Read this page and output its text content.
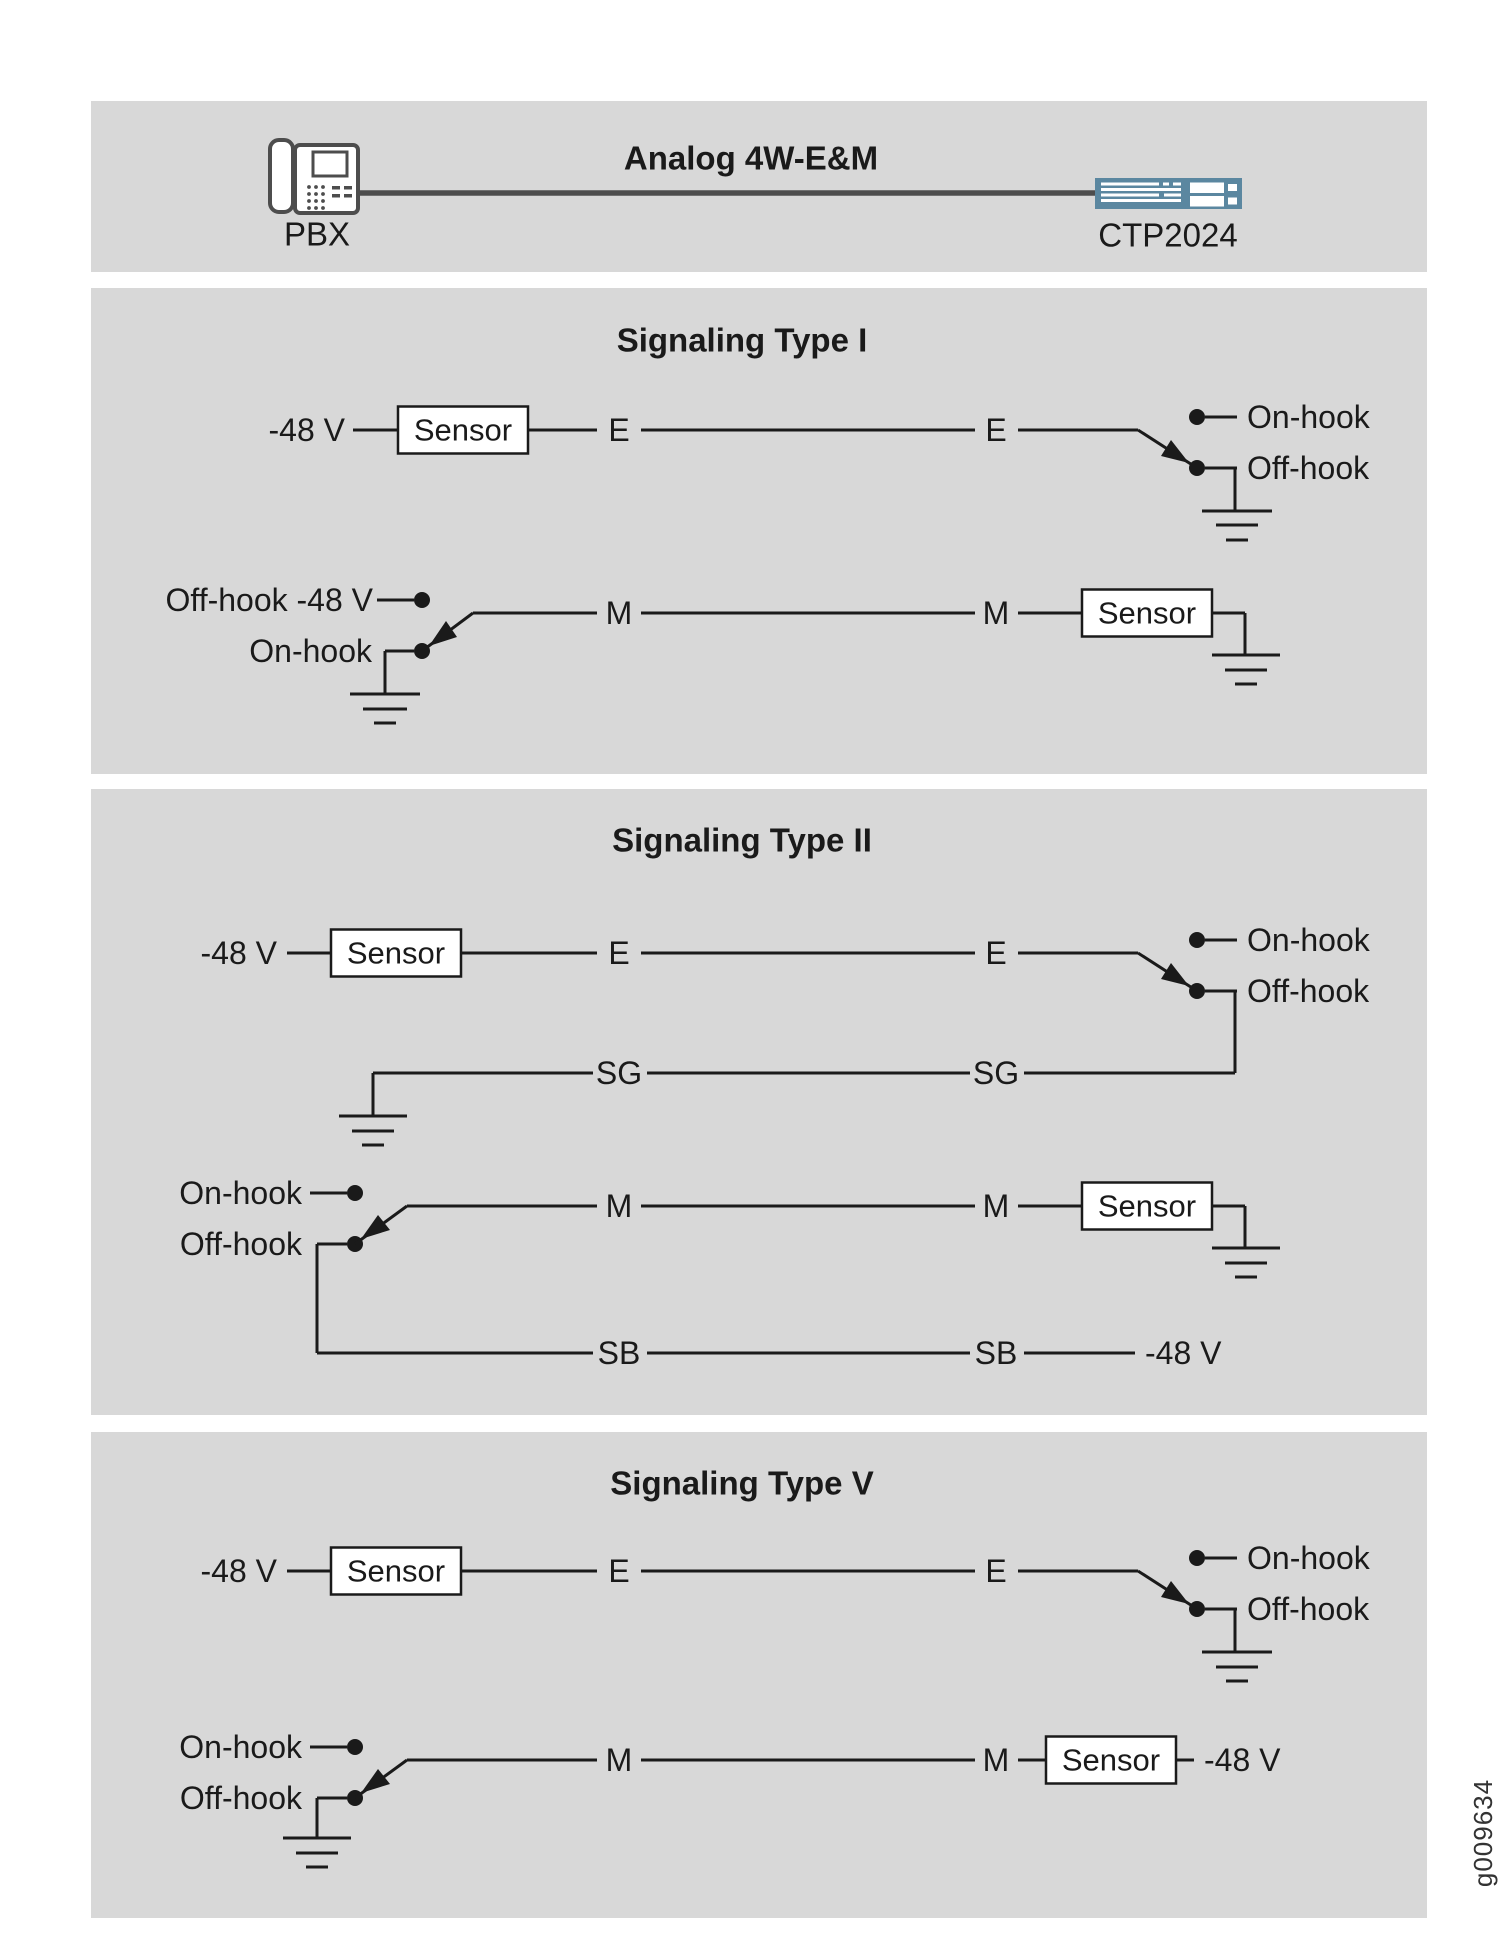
Analog 4W-E&M
PBX	CTP2024
Signaling Type I
-48 V Sensor	E	E	On-hook
Off-hook
Off-hook -48 V
On-hook
M	M	Sensor
Signaling Type II
-48 V Sensor	E	E	On-hook
Off-hook
SG	SG
On-hook
Off-hook
M	M	Sensor
SB	SB	-48 V
Signaling Type V
-48 V Sensor	E	E	On-hook
Off-hook
On-hook
Off-hook
M	M Sensor -48 V
g009634
